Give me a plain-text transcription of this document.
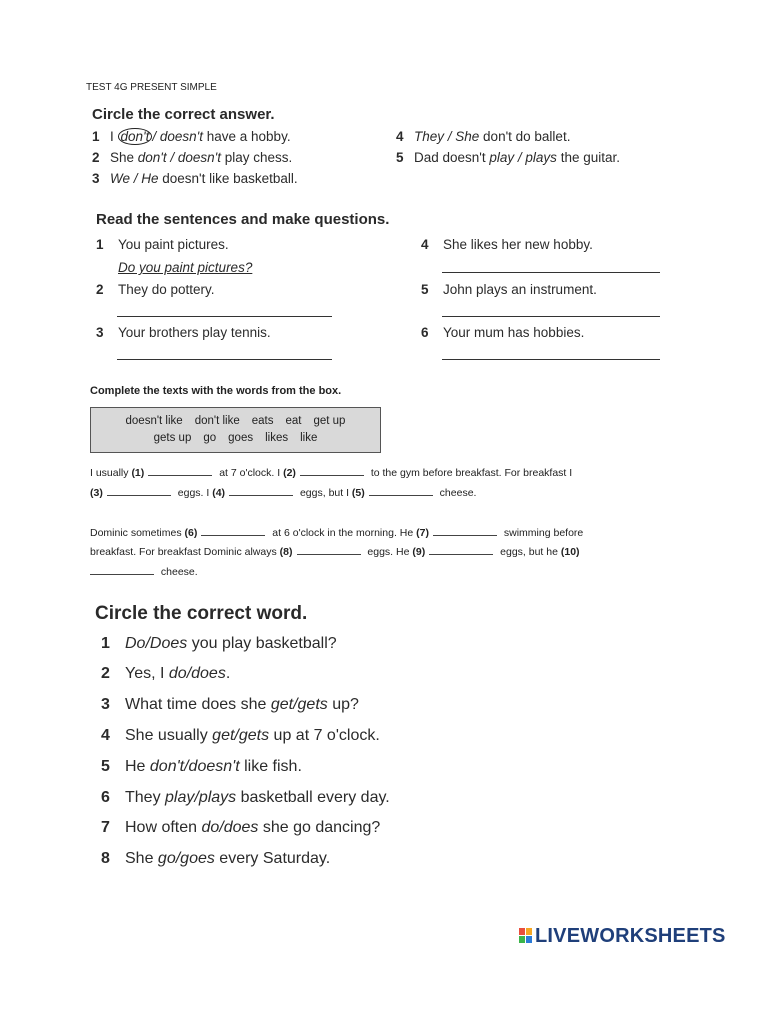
TEST 4G PRESENT SIMPLE
Circle the correct answer.
1 I don't / doesn't have a hobby.
2 She don't / doesn't play chess.
3 We / He doesn't like basketball.
4 They / She don't do ballet.
5 Dad doesn't play / plays the guitar.
Read the sentences and make questions.
1 You paint pictures.
Do you paint pictures?
2 They do pottery.
3 Your brothers play tennis.
4 She likes her new hobby.
5 John plays an instrument.
6 Your mum has hobbies.
Complete the texts with the words from the box.
doesn't like don't like eats eat get up
gets up go goes likes like
I usually (1)	at 7 o'clock. I (2)	to the gym before breakfast. For breakfast I
(3)	eggs. I (4)	eggs, but I (5)	cheese.
Dominic sometimes (6)	at 6 o'clock in the morning. He (7)	swimming before
breakfast. For breakfast Dominic always (8)	eggs. He (9)	eggs, but he (10)
cheese.
Circle the correct word.
1 Do/Does you play basketball?
2 Yes, I do/does.
3 What time does she get/gets up?
4 She usually get/gets up at 7 o'clock.
5 He don't/doesn't like fish.
6 They play/plays basketball every day.
7 How often do/does she go dancing?
8 She go/goes every Saturday.
LIVEWORKSHEETS
